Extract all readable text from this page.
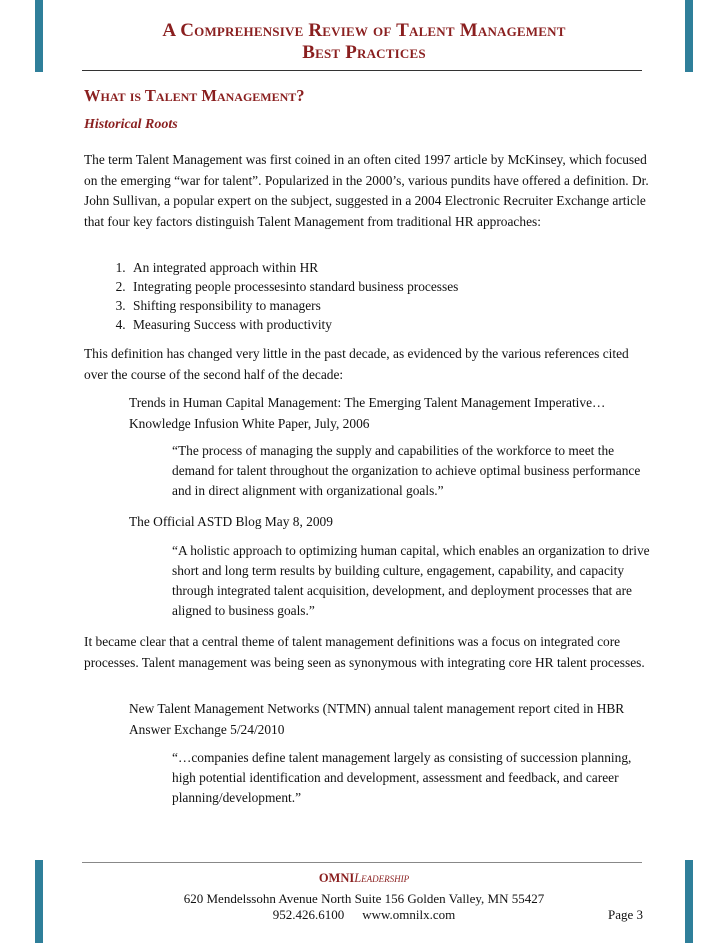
A Comprehensive Review of Talent Management
Best Practices
What is Talent Management?
Historical Roots
The term Talent Management was first coined in an often cited 1997 article by McKinsey, which focused on the emerging “war for talent”. Popularized in the 2000’s, various pundits have offered a definition. Dr. John Sullivan, a popular expert on the subject, suggested in a 2004 Electronic Recruiter Exchange article that four key factors distinguish Talent Management from traditional HR approaches:
1. An integrated approach within HR
2. Integrating people processesinto standard business processes
3. Shifting responsibility to managers
4. Measuring Success with productivity
This definition has changed very little in the past decade, as evidenced by the various references cited over the course of the second half of the decade:
Trends in Human Capital Management: The Emerging Talent Management Imperative…Knowledge Infusion White Paper, July, 2006
“The process of managing the supply and capabilities of the workforce to meet the demand for talent throughout the organization to achieve optimal business performance and in direct alignment with organizational goals.”
The Official ASTD Blog May 8, 2009
“A holistic approach to optimizing human capital, which enables an organization to drive short and long term results by building culture, engagement, capability, and capacity through integrated talent acquisition, development, and deployment processes that are aligned to business goals.”
It became clear that a central theme of talent management definitions was a focus on integrated core processes. Talent management was being seen as synonymous with integrating core HR talent processes.
New Talent Management Networks (NTMN) annual talent management report cited in HBR Answer Exchange 5/24/2010
“…companies define talent management largely as consisting of succession planning, high potential identification and development, assessment and feedback, and career planning/development.”
OMNILeadership
620 Mendelssohn Avenue North Suite 156 Golden Valley, MN 55427
952.426.6100 www.omnilx.com	Page 3
